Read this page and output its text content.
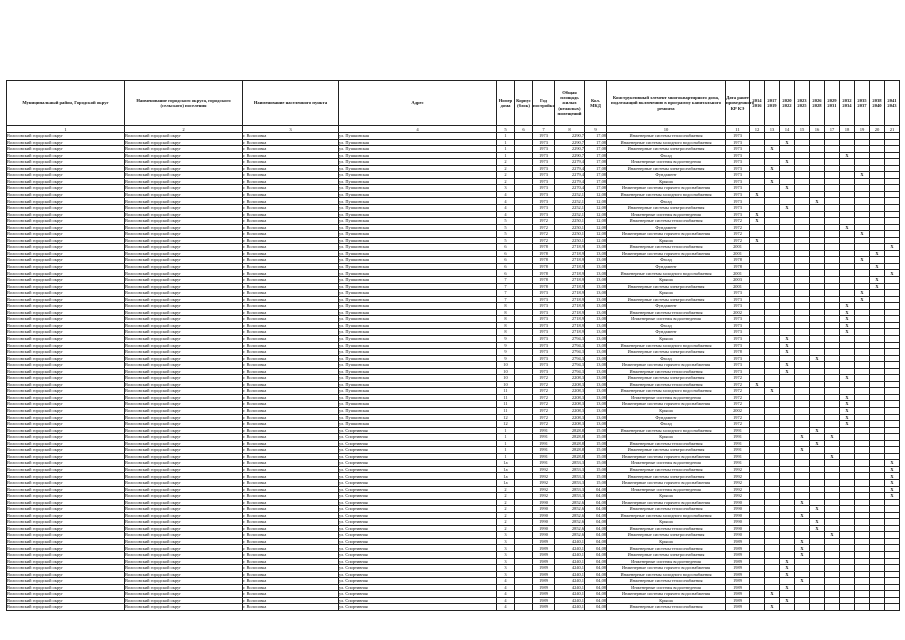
Муниципальный район, Городской округ	Наименование городского округа, городского (сельского) поселения	Наименование населенного пункта	Адрес	Номер дома	Корпус (блок)	Год постройки	Общая площадь жилых (нежилых) помещений	Кол. МКД	Конструктивный элемент многоквартирного дома, подлежащий включению в программу капитального ремонта	Дата ранее проведенного КР КЭ	2014 2016	2017 2019	2020 2022	2023 2025	2026 2028	2029 2031	2032 2034	2035 2037	2038 2040	2041 2043
1	2	3	4	5	6	7	8	9	10	11	12	13	14	15	16	17	18	19	20	21
Волосовский городской округ	Волосовский городской округ	г. Волосовка	ул. Пушкинская	1		1973	2290,7	17,08	Инженерные системы теплоснабжения	1973										
Волосовский городской округ	Волосовский городской округ	г. Волосовка	ул. Пушкинская	1		1973	2290,7	17,08	Инженерные системы холодного водоснабжения	1973			X							
Волосовский городской округ	Волосовский городской округ	г. Волосовка	ул. Пушкинская	1		1973	2290,7	17,08	Инженерные системы электроснабжения	1973		X								
Волосовский городской округ	Волосовский городской округ	г. Волосовка	ул. Пушкинская	1		1973	2290,7	17,08	Фасад	1973							X			
Волосовский городской округ	Волосовский городской округ	г. Волосовка	ул. Пушкинская	2		1973	2279,4	17,08	Инженерные системы водоотведения	1973			X							
Волосовский городской округ	Волосовский городской округ	г. Волосовка	ул. Пушкинская	2		1973	2279,4	17,08	Инженерные системы электроснабжения	1973		X								
Волосовский городской округ	Волосовский городской округ	г. Волосовка	ул. Пушкинская	2		1973	2279,4	17,08	Фундамент	1973								X		
Волосовский городской округ	Волосовский городской округ	г. Волосовка	ул. Пушкинская	2		1973	2279,4	17,08	Крыша	1973		X								
Волосовский городской округ	Волосовский городской округ	г. Волосовка	ул. Пушкинская	3		1973	2270,4	17,08	Инженерные системы горячего водоснабжения	1973			X							
Волосовский городской округ	Волосовский городской округ	г. Волосовка	ул. Пушкинская	4		1973	2252,1	12,08	Инженерные системы холодного водоснабжения	1973	X									
Волосовский городской округ	Волосовский городской округ	г. Волосовка	ул. Пушкинская	4		1973	2252,1	12,08	Фасад	1973					X					
Волосовский городской округ	Волосовский городской округ	г. Волосовка	ул. Пушкинская	4		1973	2252,1	12,08	Инженерные системы электроснабжения	1973			X							
Волосовский городской округ	Волосовский городской округ	г. Волосовка	ул. Пушкинская	4		1973	2252,1	12,08	Инженерные системы водоотведения	1973	X									
Волосовский городской округ	Волосовский городской округ	г. Волосовка	ул. Пушкинская	5		1972	2250,1	12,08	Инженерные системы теплоснабжения	1972	X									
Волосовский городской округ	Волосовский городской округ	г. Волосовка	ул. Пушкинская	5		1972	2250,1	12,08	Фундамент	1972							X			
Волосовский городской округ	Волосовский городской округ	г. Волосовка	ул. Пушкинская	5		1972	2250,1	12,08	Инженерные системы горячего водоснабжения	1972								X		
Волосовский городской округ	Волосовский городской округ	г. Волосовка	ул. Пушкинская	5		1972	2250,1	12,08	Крыша	1972	X									
Волосовский городской округ	Волосовский городской округ	г. Волосовка	ул. Пушкинская	6		1978	2718,9	13,08	Инженерные системы теплоснабжения	2001										X
Волосовский городской округ	Волосовский городской округ	г. Волосовка	ул. Пушкинская	6		1978	2718,9	13,08	Инженерные системы горячего водоснабжения	2001									X	
Волосовский городской округ	Волосовский городской округ	г. Волосовка	ул. Пушкинская	6		1978	2718,9	13,08	Фасад	1978								X		
Волосовский городской округ	Волосовский городской округ	г. Волосовка	ул. Пушкинская	6		1978	2718,9	13,08	Фундамент	1978									X	
Волосовский городской округ	Волосовский городской округ	г. Волосовка	ул. Пушкинская	6		1978	2718,9	13,08	Инженерные системы холодного водоснабжения	2001										X
Волосовский городской округ	Волосовский городской округ	г. Волосовка	ул. Пушкинская	7		1978	2718,9	13,08	Крыша	2003									X	
Волосовский городской округ	Волосовский городской округ	г. Волосовка	ул. Пушкинская	7		1978	2718,9	13,08	Инженерные системы электроснабжения	2001									X	
Волосовский городской округ	Волосовский городской округ	г. Волосовка	ул. Пушкинская	7		1973	2718,9	13,08	Крыша	1973								X		
Волосовский городской округ	Волосовский городской округ	г. Волосовка	ул. Пушкинская	7		1973	2718,9	13,08	Инженерные системы электроснабжения	1973								X		
Волосовский городской округ	Волосовский городской округ	г. Волосовка	ул. Пушкинская	8		1973	2718,9	13,08	Фундамент	1973							X			
Волосовский городской округ	Волосовский городской округ	г. Волосовка	ул. Пушкинская	8		1973	2718,9	13,08	Инженерные системы теплоснабжения	2002							X			
Волосовский городской округ	Волосовский городской округ	г. Волосовка	ул. Пушкинская	8		1973	2718,9	13,08	Инженерные системы водоотведения	1973							X			
Волосовский городской округ	Волосовский городской округ	г. Волосовка	ул. Пушкинская	8		1973	2718,9	13,08	Фасад	1973							X			
Волосовский городской округ	Волосовский городской округ	г. Волосовка	ул. Пушкинская	8		1973	2718,9	13,08	Фундамент	1973							X			
Волосовский городской округ	Волосовский городской округ	г. Волосовка	ул. Пушкинская	9		1973	2794,3	13,08	Крыша	1973			X							
Волосовский городской округ	Волосовский городской округ	г. Волосовка	ул. Пушкинская	9		1973	2794,3	13,08	Инженерные системы холодного водоснабжения	1973			X							
Волосовский городской округ	Волосовский городской округ	г. Волосовка	ул. Пушкинская	9		1973	2794,3	13,08	Инженерные системы электроснабжения	1978			X							
Волосовский городской округ	Волосовский городской округ	г. Волосовка	ул. Пушкинская	9		1973	2794,3	13,08	Фасад	1973					X					
Волосовский городской округ	Волосовский городской округ	г. Волосовка	ул. Пушкинская	10		1973	2794,3	13,08	Инженерные системы горячего водоснабжения	1973			X							
Волосовский городской округ	Волосовский городской округ	г. Волосовка	ул. Пушкинская	10		1973	2794,3	13,08	Инженерные системы теплоснабжения	1973			X							
Волосовский городской округ	Волосовский городской округ	г. Волосовка	ул. Пушкинская	10		1972	2208,3	13,08	Инженерные системы электроснабжения	1972							X			
Волосовский городской округ	Волосовский городской округ	г. Волосовка	ул. Пушкинская	10		1972	2208,3	13,08	Инженерные системы теплоснабжения	1972	X									
Волосовский городской округ	Волосовский городской округ	г. Волосовка	ул. Пушкинская	11		1972	2208,3	13,08	Инженерные системы холодного водоснабжения	1972		X								
Волосовский городской округ	Волосовский городской округ	г. Волосовка	ул. Пушкинская	11		1972	2208,3	13,08	Инженерные системы водоотведения	1972							X			
Волосовский городской округ	Волосовский городской округ	г. Волосовка	ул. Пушкинская	11		1972	2208,3	13,08	Инженерные системы горячего водоснабжения	1972							X			
Волосовский городской округ	Волосовский городской округ	г. Волосовка	ул. Пушкинская	11		1972	2208,3	13,08	Крыша	2002							X			
Волосовский городской округ	Волосовский городской округ	г. Волосовка	ул. Пушкинская	12		1972	2208,3	13,08	Фундамент	1972							X			
Волосовский городской округ	Волосовский городской округ	г. Волосовка	ул. Пушкинская	12		1972	2208,3	13,08	Фасад	1972							X			
Волосовский городской округ	Волосовский городской округ	г. Волосовка	ул. Спортивная	1		1991	2828,8	15,08	Инженерные системы холодного водоснабжения	1991					X					
Волосовский городской округ	Волосовский городской округ	г. Волосовка	ул. Спортивная	1		1991	2828,8	15,08	Крыша	1991				X		X				
Волосовский городской округ	Волосовский городской округ	г. Волосовка	ул. Спортивная	1		1991	2828,8	15,08	Инженерные системы теплоснабжения	1991					X					
Волосовский городской округ	Волосовский городской округ	г. Волосовка	ул. Спортивная	1		1991	2828,8	15,08	Инженерные системы электроснабжения	1991				X						
Волосовский городской округ	Волосовский городской округ	г. Волосовка	ул. Спортивная	1		1991	2828,8	15,08	Инженерные системы горячего водоснабжения	1991						X				
Волосовский городской округ	Волосовский городской округ	г. Волосовка	ул. Спортивная	1а		1991	2853,3	15,08	Инженерные системы водоотведения	1991										X
Волосовский городской округ	Волосовский городской округ	г. Волосовка	ул. Спортивная	1а		1992	2853,3	15,08	Инженерные системы теплоснабжения	1992										X
Волосовский городской округ	Волосовский городской округ	г. Волосовка	ул. Спортивная	1а		1992	2853,3	15,08	Инженерные системы электроснабжения	1992										X
Волосовский городской округ	Волосовский городской округ	г. Волосовка	ул. Спортивная	1а		1992	2853,3	15,08	Инженерные системы горячего водоснабжения	1992										X
Волосовский городской округ	Волосовский городской округ	г. Волосовка	ул. Спортивная	2		1992	2853,3	04,08	Инженерные системы водоотведения	1992										X
Волосовский городской округ	Волосовский городской округ	г. Волосовка	ул. Спортивная	2		1992	2853,3	04,08	Крыша	1992										X
Волосовский городской округ	Волосовский городской округ	г. Волосовка	ул. Спортивная	2		1990	2852,6	04,08	Инженерные системы горячего водоснабжения	1990				X						
Волосовский городской округ	Волосовский городской округ	г. Волосовка	ул. Спортивная	2		1990	2852,6	04,08	Инженерные системы теплоснабжения	1990					X					
Волосовский городской округ	Волосовский городской округ	г. Волосовка	ул. Спортивная	2		1990	2852,6	04,08	Инженерные системы холодного водоснабжения	1990				X						
Волосовский городской округ	Волосовский городской округ	г. Волосовка	ул. Спортивная	2		1990	2852,6	04,08	Крыша	1990					X					
Волосовский городской округ	Волосовский городской округ	г. Волосовка	ул. Спортивная	2		1990	2852,6	04,08	Инженерные системы теплоснабжения	1990					X					
Волосовский городской округ	Волосовский городской округ	г. Волосовка	ул. Спортивная	3		1990	2852,6	04,08	Инженерные системы электроснабжения	1990						X				
Волосовский городской округ	Волосовский городской округ	г. Волосовка	ул. Спортивная	3		1989	4240,1	04,08	Крыша	1989				X						
Волосовский городской округ	Волосовский городской округ	г. Волосовка	ул. Спортивная	3		1989	4240,1	04,08	Инженерные системы теплоснабжения	1989				X						
Волосовский городской округ	Волосовский городской округ	г. Волосовка	ул. Спортивная	3		1989	4240,1	04,08	Инженерные системы электроснабжения	1989				X						
Волосовский городской округ	Волосовский городской округ	г. Волосовка	ул. Спортивная	3		1989	4240,1	04,08	Инженерные системы водоотведения	1989			X							
Волосовский городской округ	Волосовский городской округ	г. Волосовка	ул. Спортивная	3		1989	4240,1	04,08	Инженерные системы горячего водоснабжения	1989			X							
Волосовский городской округ	Волосовский городской округ	г. Волосовка	ул. Спортивная	3		1989	4240,1	04,08	Инженерные системы холодного водоснабжения	1989			X							
Волосовский городской округ	Волосовский городской округ	г. Волосовка	ул. Спортивная	4		1989	4240,1	04,08	Инженерные системы теплоснабжения	1989				X						
Волосовский городской округ	Волосовский городской округ	г. Волосовка	ул. Спортивная	4		1989	4240,1	04,08	Инженерные системы водоотведения	1989			X							
Волосовский городской округ	Волосовский городской округ	г. Волосовка	ул. Спортивная	4		1989	4240,1	04,08	Инженерные системы горячего водоснабжения	1989		X								
Волосовский городской округ	Волосовский городской округ	г. Волосовка	ул. Спортивная	4		1989	4240,1	04,08	Крыша	1989			X							
Волосовский городской округ	Волосовский городской округ	г. Волосовка	ул. Спортивная	4		1989	4240,1	04,08	Инженерные системы теплоснабжения	1989		X								
